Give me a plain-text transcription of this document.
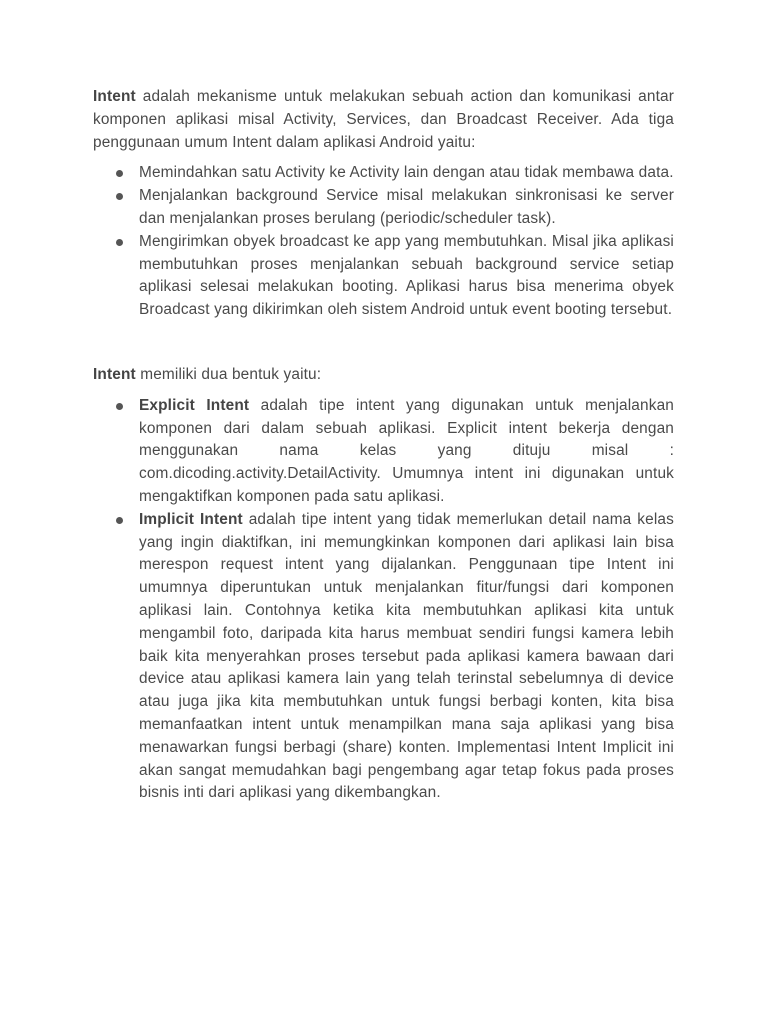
Intent adalah mekanisme untuk melakukan sebuah action dan komunikasi antar komponen aplikasi misal Activity, Services, dan Broadcast Receiver. Ada tiga penggunaan umum Intent dalam aplikasi Android yaitu:

Memindahkan satu Activity ke Activity lain dengan atau tidak membawa data.
Menjalankan background Service misal melakukan sinkronisasi ke server dan menjalankan proses berulang (periodic/scheduler task).
Mengirimkan obyek broadcast ke app yang membutuhkan. Misal jika aplikasi membutuhkan proses menjalankan sebuah background service setiap aplikasi selesai melakukan booting. Aplikasi harus bisa menerima obyek Broadcast yang dikirimkan oleh sistem Android untuk event booting tersebut.

Intent memiliki dua bentuk yaitu:

Explicit Intent adalah tipe intent yang digunakan untuk menjalankan komponen dari dalam sebuah aplikasi. Explicit intent bekerja dengan menggunakan nama kelas yang dituju misal : com.dicoding.activity.DetailActivity. Umumnya intent ini digunakan untuk mengaktifkan komponen pada satu aplikasi.
Implicit Intent adalah tipe intent yang tidak memerlukan detail nama kelas yang ingin diaktifkan, ini memungkinkan komponen dari aplikasi lain bisa merespon request intent yang dijalankan. Penggunaan tipe Intent ini umumnya diperuntukan untuk menjalankan fitur/fungsi dari komponen aplikasi lain. Contohnya ketika kita membutuhkan aplikasi kita untuk mengambil foto, daripada kita harus membuat sendiri fungsi kamera lebih baik kita menyerahkan proses tersebut pada aplikasi kamera bawaan dari device atau aplikasi kamera lain yang telah terinstal sebelumnya di device atau juga jika kita membutuhkan untuk fungsi berbagi konten, kita bisa memanfaatkan intent untuk menampilkan mana saja aplikasi yang bisa menawarkan fungsi berbagi (share) konten. Implementasi Intent Implicit ini akan sangat memudahkan bagi pengembang agar tetap fokus pada proses bisnis inti dari aplikasi yang dikembangkan.
